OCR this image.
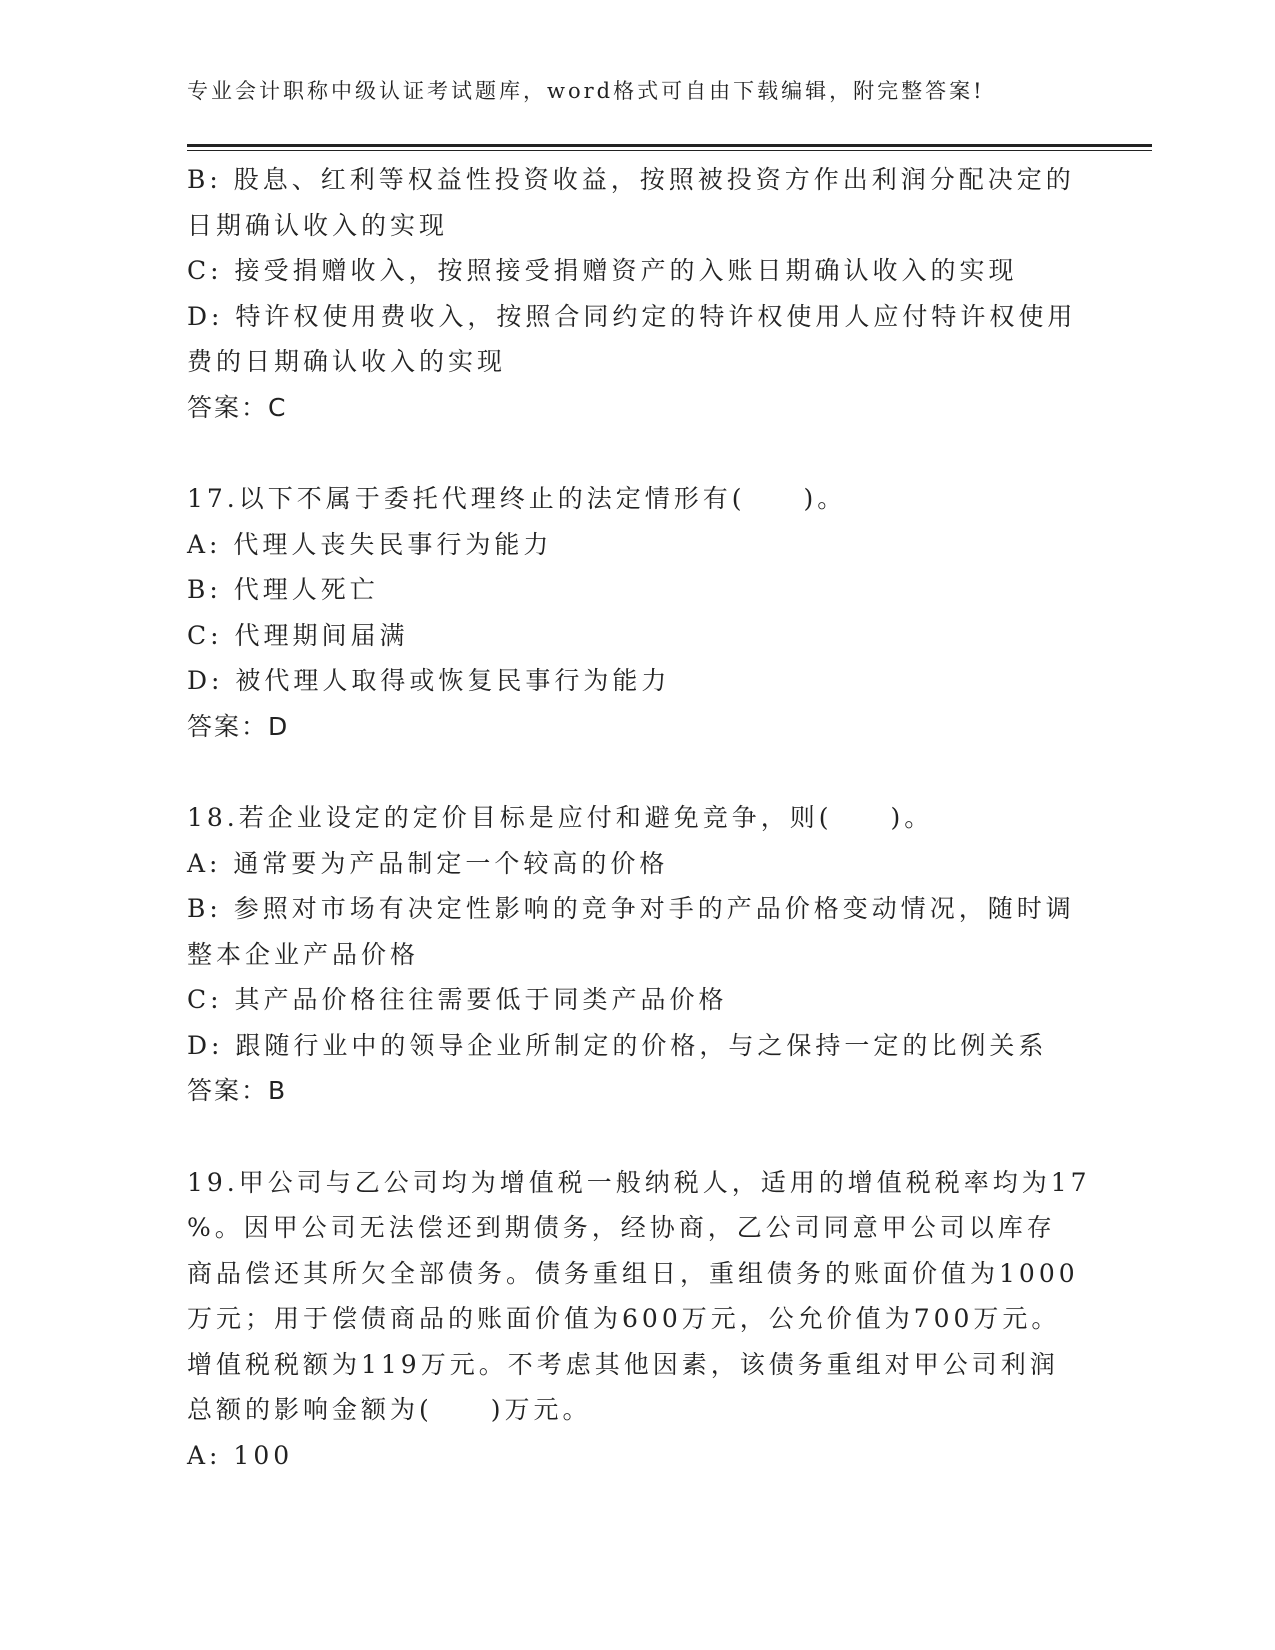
专业会计职称中级认证考试题库，word格式可自由下载编辑，附完整答案!
B: 股息、红利等权益性投资收益，按照被投资方作出利润分配决定的
日期确认收入的实现
C: 接受捐赠收入，按照接受捐赠资产的入账日期确认收入的实现
D: 特许权使用费收入，按照合同约定的特许权使用人应付特许权使用
费的日期确认收入的实现
答案：C
17.以下不属于委托代理终止的法定情形有(　　)。
A: 代理人丧失民事行为能力
B: 代理人死亡
C: 代理期间届满
D: 被代理人取得或恢复民事行为能力
答案：D
18.若企业设定的定价目标是应付和避免竞争，则(　　)。
A: 通常要为产品制定一个较高的价格
B: 参照对市场有决定性影响的竞争对手的产品价格变动情况，随时调
整本企业产品价格
C: 其产品价格往往需要低于同类产品价格
D: 跟随行业中的领导企业所制定的价格，与之保持一定的比例关系
答案：B
19.甲公司与乙公司均为增值税一般纳税人，适用的增值税税率均为17
%。因甲公司无法偿还到期债务，经协商，乙公司同意甲公司以库存
商品偿还其所欠全部债务。债务重组日，重组债务的账面价值为1000
万元；用于偿债商品的账面价值为600万元，公允价值为700万元。
增值税税额为119万元。不考虑其他因素，该债务重组对甲公司利润
总额的影响金额为(　　)万元。
A: 100
